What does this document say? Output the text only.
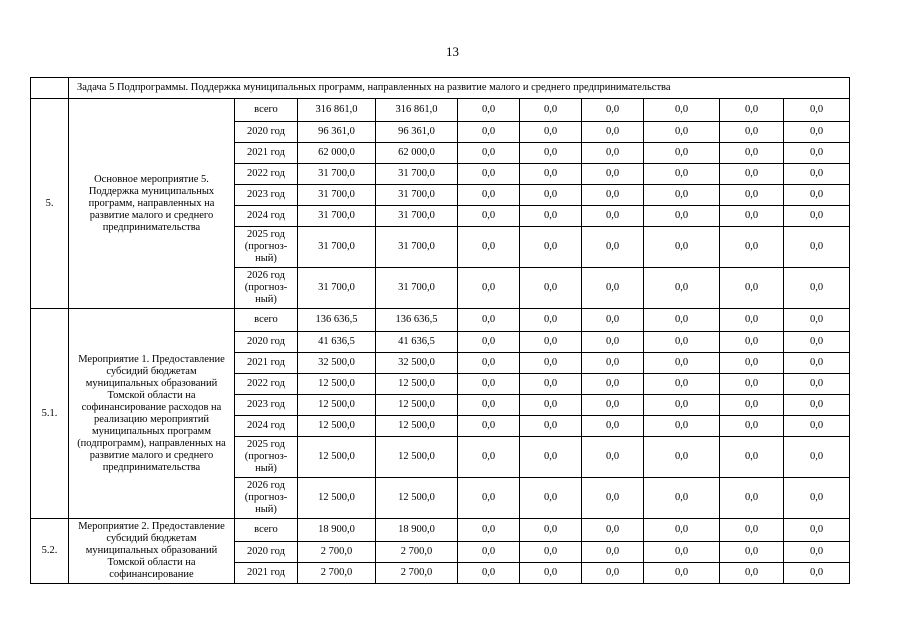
13
	Задача 5 Подпрограммы. Поддержка муниципальных программ, направленных на развитие малого и среднего предпринимательства									
5.	Основное мероприятие 5. Поддержка муниципальных программ, направленных на развитие малого и среднего предпринимательства	всего	316 861,0	316 861,0	0,0	0,0	0,0	0,0	0,0	0,0
		2020 год	96 361,0	96 361,0	0,0	0,0	0,0	0,0	0,0	0,0
		2021 год	62 000,0	62 000,0	0,0	0,0	0,0	0,0	0,0	0,0
		2022 год	31 700,0	31 700,0	0,0	0,0	0,0	0,0	0,0	0,0
		2023 год	31 700,0	31 700,0	0,0	0,0	0,0	0,0	0,0	0,0
		2024 год	31 700,0	31 700,0	0,0	0,0	0,0	0,0	0,0	0,0
		2025 год (прогноз-ный)	31 700,0	31 700,0	0,0	0,0	0,0	0,0	0,0	0,0
		2026 год (прогноз-ный)	31 700,0	31 700,0	0,0	0,0	0,0	0,0	0,0	0,0
5.1.	Мероприятие 1. Предоставление субсидий бюджетам муниципальных образований Томской области на софинансирование расходов на реализацию мероприятий муниципальных программ (подпрограмм), направленных на развитие малого и среднего предпринимательства	всего	136 636,5	136 636,5	0,0	0,0	0,0	0,0	0,0	0,0
		2020 год	41 636,5	41 636,5	0,0	0,0	0,0	0,0	0,0	0,0
		2021 год	32 500,0	32 500,0	0,0	0,0	0,0	0,0	0,0	0,0
		2022 год	12 500,0	12 500,0	0,0	0,0	0,0	0,0	0,0	0,0
		2023 год	12 500,0	12 500,0	0,0	0,0	0,0	0,0	0,0	0,0
		2024 год	12 500,0	12 500,0	0,0	0,0	0,0	0,0	0,0	0,0
		2025 год (прогноз-ный)	12 500,0	12 500,0	0,0	0,0	0,0	0,0	0,0	0,0
		2026 год (прогноз-ный)	12 500,0	12 500,0	0,0	0,0	0,0	0,0	0,0	0,0
5.2.	Мероприятие 2. Предоставление субсидий бюджетам муниципальных образований Томской области на софинансирование	всего	18 900,0	18 900,0	0,0	0,0	0,0	0,0	0,0	0,0
		2020 год	2 700,0	2 700,0	0,0	0,0	0,0	0,0	0,0	0,0
		2021 год	2 700,0	2 700,0	0,0	0,0	0,0	0,0	0,0	0,0
